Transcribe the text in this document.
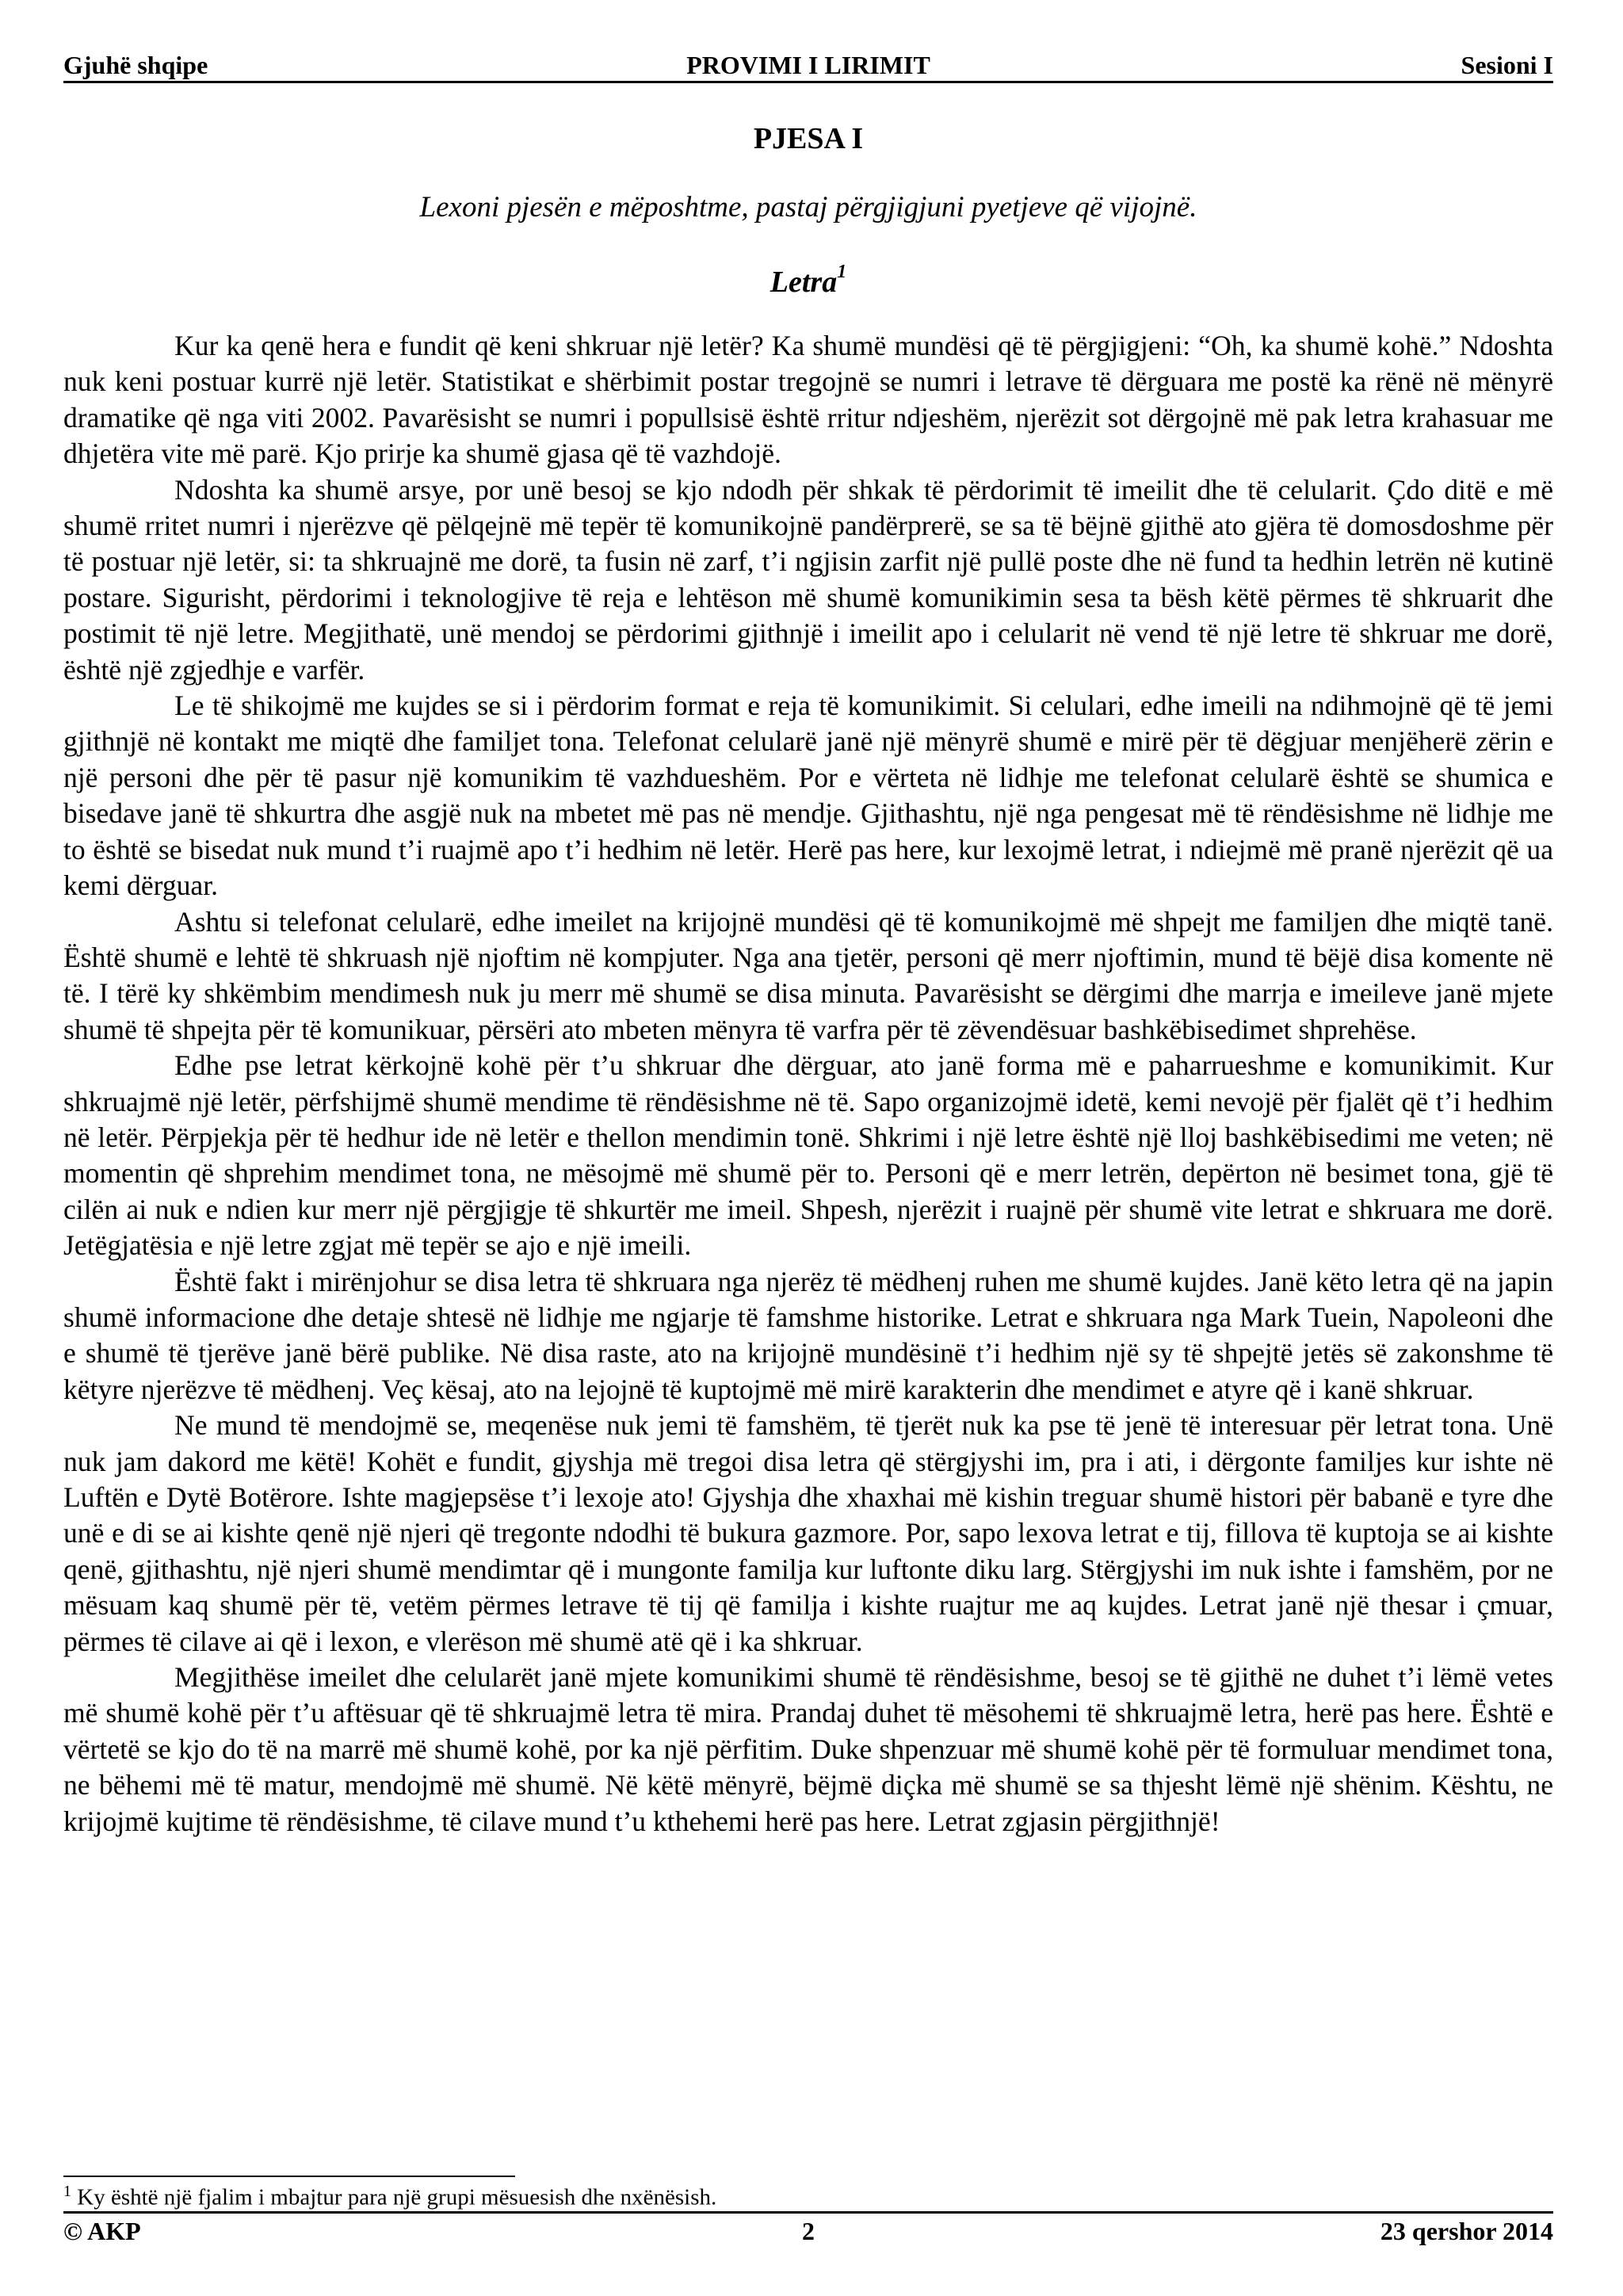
PROVIMI I LIRIMIT
Gjuhë shqipe	Sesioni I
PJESA I
Lexoni pjesën e mëposhtme, pastaj përgjigjuni pyetjeve që vijojnë.
Letra$^1$

Kur ka qenë hera e fundit që keni shkruar një letër? Ka shumë mundësi që të përgjigjeni: “Oh, ka shumë kohë.” Ndoshta nuk keni postuar kurrë një letër. Statistikat e shërbimit postar tregojnë se numri i letrave të dërguara me postë ka rënë në mënyrë dramatike që nga viti 2002. Pavarësisht se numri i popullsisë është rritur ndjeshëm, njerëzit sot dërgojnë më pak letra krahasuar me dhjetëra vite më parë. Kjo prirje ka shumë gjasa që të vazhdojë.

Ndoshta ka shumë arsye, por unë besoj se kjo ndodh për shkak të përdorimit të imeilit dhe të celularit. Çdo ditë e më shumë rritet numri i njerëzve që pëlqejnë më tepër të komunikojnë pandërprerë, se sa të bëjnë gjithë ato gjëra të domosdoshme për të postuar një letër, si: ta shkruajnë me dorë, ta fusin në zarf, t’i ngjisin zarfit një pullë poste dhe në fund ta hedhin letrën në kutinë postare. Sigurisht, përdorimi i teknologjive të reja e lehtëson më shumë komunikimin sesa ta bësh këtë përmes të shkruarit dhe postimit të një letre. Megjithatë, unë mendoj se përdorimi gjithnjë i imeilit apo i celularit në vend të një letre të shkruar me dorë, është një zgjedhje e varfër.

Le të shikojmë me kujdes se si i përdorim format e reja të komunikimit. Si celulari, edhe imeili na ndihmojnë që të jemi gjithnjë në kontakt me miqtë dhe familjet tona. Telefonat celularë janë një mënyrë shumë e mirë për të dëgjuar menjëherë zërin e një personi dhe për të pasur një komunikim të vazhdueshëm. Por e vërteta në lidhje me telefonat celularë është se shumica e bisedave janë të shkurtra dhe asgjë nuk na mbetet më pas në mendje. Gjithashtu, një nga pengesat më të rëndësishme në lidhje me to është se bisedat nuk mund t’i ruajmë apo t’i hedhim në letër. Herë pas here, kur lexojmë letrat, i ndiejmë më pranë njerëzit që ua kemi dërguar.

Ashtu si telefonat celularë, edhe imeilet na krijojnë mundësi që të komunikojmë më shpejt me familjen dhe miqtë tanë. Është shumë e lehtë të shkruash një njoftim në kompjuter. Nga ana tjetër, personi që merr njoftimin, mund të bëjë disa komente në të. I tërë ky shkëmbim mendimesh nuk ju merr më shumë se disa minuta. Pavarësisht se dërgimi dhe marrja e imeileve janë mjete shumë të shpejta për të komunikuar, përsëri ato mbeten mënyra të varfra për të zëvendësuar bashkëbisedimet shprehëse.

Edhe pse letrat kërkojnë kohë për t’u shkruar dhe dërguar, ato janë forma më e paharrueshme e komunikimit. Kur shkruajmë një letër, përfshijmë shumë mendime të rëndësishme në të. Sapo organizojmë idetë, kemi nevojë për fjalët që t’i hedhim në letër. Përpjekja për të hedhur ide në letër e thellon mendimin tonë. Shkrimi i një letre është një lloj bashkëbisedimi me veten; në momentin që shprehim mendimet tona, ne mësojmë më shumë për to. Personi që e merr letrën, depërton në besimet tona, gjë të cilën ai nuk e ndien kur merr një përgjigje të shkurtër me imeil. Shpesh, njerëzit i ruajnë për shumë vite letrat e shkruara me dorë. Jetëgjatësia e një letre zgjat më tepër se ajo e një imeili.

Është fakt i mirënjohur se disa letra të shkruara nga njerëz të mëdhenj ruhen me shumë kujdes. Janë këto letra që na japin shumë informacione dhe detaje shtesë në lidhje me ngjarje të famshme historike. Letrat e shkruara nga Mark Tuein, Napoleoni dhe e shumë të tjerëve janë bërë publike. Në disa raste, ato na krijojnë mundësinë t’i hedhim një sy të shpejtë jetës së zakonshme të këtyre njerëzve të mëdhenj. Veç kësaj, ato na lejojnë të kuptojmë më mirë karakterin dhe mendimet e atyre që i kanë shkruar.

Ne mund të mendojmë se, meqenëse nuk jemi të famshëm, të tjerët nuk ka pse të jenë të interesuar për letrat tona. Unë nuk jam dakord me këtë! Kohët e fundit, gjyshja më tregoi disa letra që stërgjyshi im, pra i ati, i dërgonte familjes kur ishte në Luftën e Dytë Botërore. Ishte magjepsëse t’i lexoje ato! Gjyshja dhe xhaxhai më kishin treguar shumë histori për babanë e tyre dhe unë e di se ai kishte qenë një njeri që tregonte ndodhi të bukura gazmore. Por, sapo lexova letrat e tij, fillova të kuptoja se ai kishte qenë, gjithashtu, një njeri shumë mendimtar që i mungonte familja kur luftonte diku larg. Stërgjyshi im nuk ishte i famshëm, por ne mësuam kaq shumë për të, vetëm përmes letrave të tij që familja i kishte ruajtur me aq kujdes. Letrat janë një thesar i çmuar, përmes të cilave ai që i lexon, e vlerëson më shumë atë që i ka shkruar.

Megjithëse imeilet dhe celularët janë mjete komunikimi shumë të rëndësishme, besoj se të gjithë ne duhet t’i lëmë vetes më shumë kohë për t’u aftësuar që të shkruajmë letra të mira. Prandaj duhet të mësohemi të shkruajmë letra, herë pas here. Është e vërtetë se kjo do të na marrë më shumë kohë, por ka një përfitim. Duke shpenzuar më shumë kohë për të formuluar mendimet tona, ne bëhemi më të matur, mendojmë më shumë. Në këtë mënyrë, bëjmë diçka më shumë se sa thjesht lëmë një shënim. Kështu, ne krijojmë kujtime të rëndësishme, të cilave mund t’u kthehemi herë pas here. Letrat zgjasin përgjithnjë!

$^1$ Ky është një fjalim i mbajtur para një grupi mësuesish dhe nxënësish.
2
© AKP	23 qershor 2014
